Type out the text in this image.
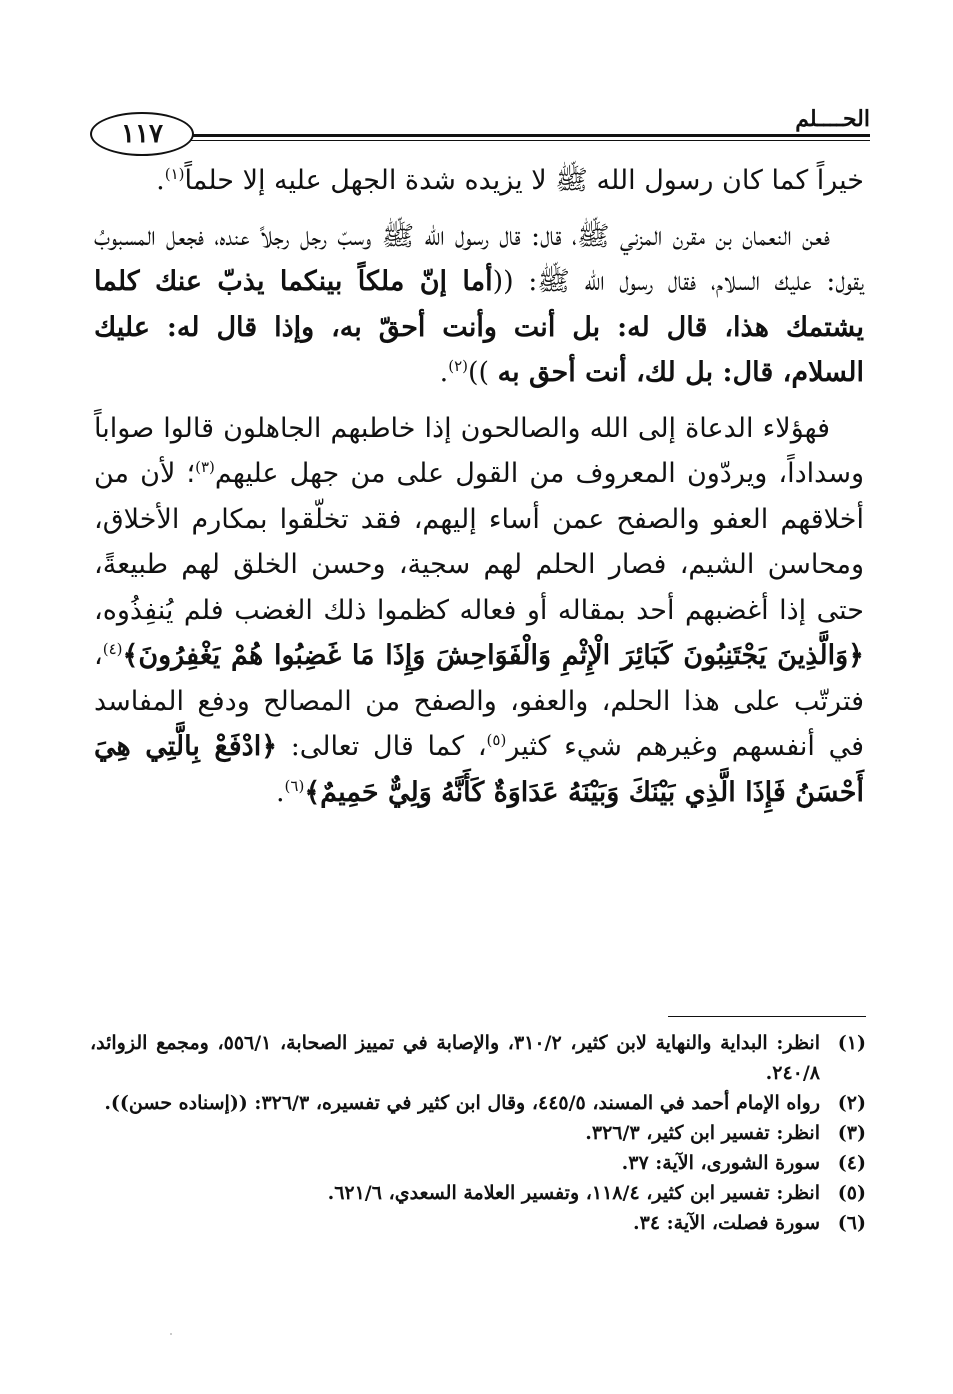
١١٧	الحــــلم

خيراً كما كان رسول الله ﷺ لا يزيده شدة الجهل عليه إلا حلماً$^{(١)}$.

فعن النعمان بن مقرن المزني ﷺ، قال: قال رسول الله ﷺ وسبّ رجل رجلاً عنده، فجعل المسبوبُ يقول: عليك السلام، فقال رسول الله ﷺ: ((أما إنّ ملكاً بينكما يذبّ عنك كلما يشتمك هذا، قال له: بل أنت وأنت أحقّ به، وإذا قال له: عليك السلام، قال: بل لك، أنت أحق به ))$^{(٢)}$.

فهؤلاء الدعاة إلى الله والصالحون إذا خاطبهم الجاهلون قالوا صواباً وسداداً، ويردّون المعروف من القول على من جهل عليهم$^{(٣)}$؛ لأن من أخلاقهم العفو والصفح عمن أساء إليهم، فقد تخلّقوا بمكارم الأخلاق، ومحاسن الشيم، فصار الحلم لهم سجية، وحسن الخلق لهم طبيعةً، حتى إذا أغضبهم أحد بمقاله أو فعاله كظموا ذلك الغضب فلم يُنفِذُوه، ﴿وَالَّذِينَ يَجْتَنِبُونَ كَبَائِرَ الْإِثْمِ وَالْفَوَاحِشَ وَإِذَا مَا غَضِبُوا هُمْ يَغْفِرُونَ﴾$^{(٤)}$، فترتّب على هذا الحلم، والعفو، والصفح من المصالح ودفع المفاسد في أنفسهم وغيرهم شيء كثير$^{(٥)}$، كما قال تعالى: ﴿ادْفَعْ بِالَّتِي هِيَ أَحْسَنُ فَإِذَا الَّذِي بَيْنَكَ وَبَيْنَهُ عَدَاوَةٌ كَأَنَّهُ وَلِيٌّ حَمِيمٌ﴾$^{(٦)}$.

(١)
انظر: البداية والنهاية لابن كثير، ٣١٠/٢، والإصابة في تمييز الصحابة، ٥٥٦/١، ومجمع الزوائد، ٢٤٠/٨.

(٢)
رواه الإمام أحمد في المسند، ٤٤٥/٥، وقال ابن كثير في تفسيره، ٣٢٦/٣: ((إسناده حسن)).

(٣)
انظر: تفسير ابن كثير، ٣٢٦/٣.

(٤)
سورة الشورى، الآية: ٣٧.

(٥)
انظر: تفسير ابن كثير، ١١٨/٤، وتفسير العلامة السعدي، ٦٢١/٦.

(٦)
سورة فصلت، الآية: ٣٤.
